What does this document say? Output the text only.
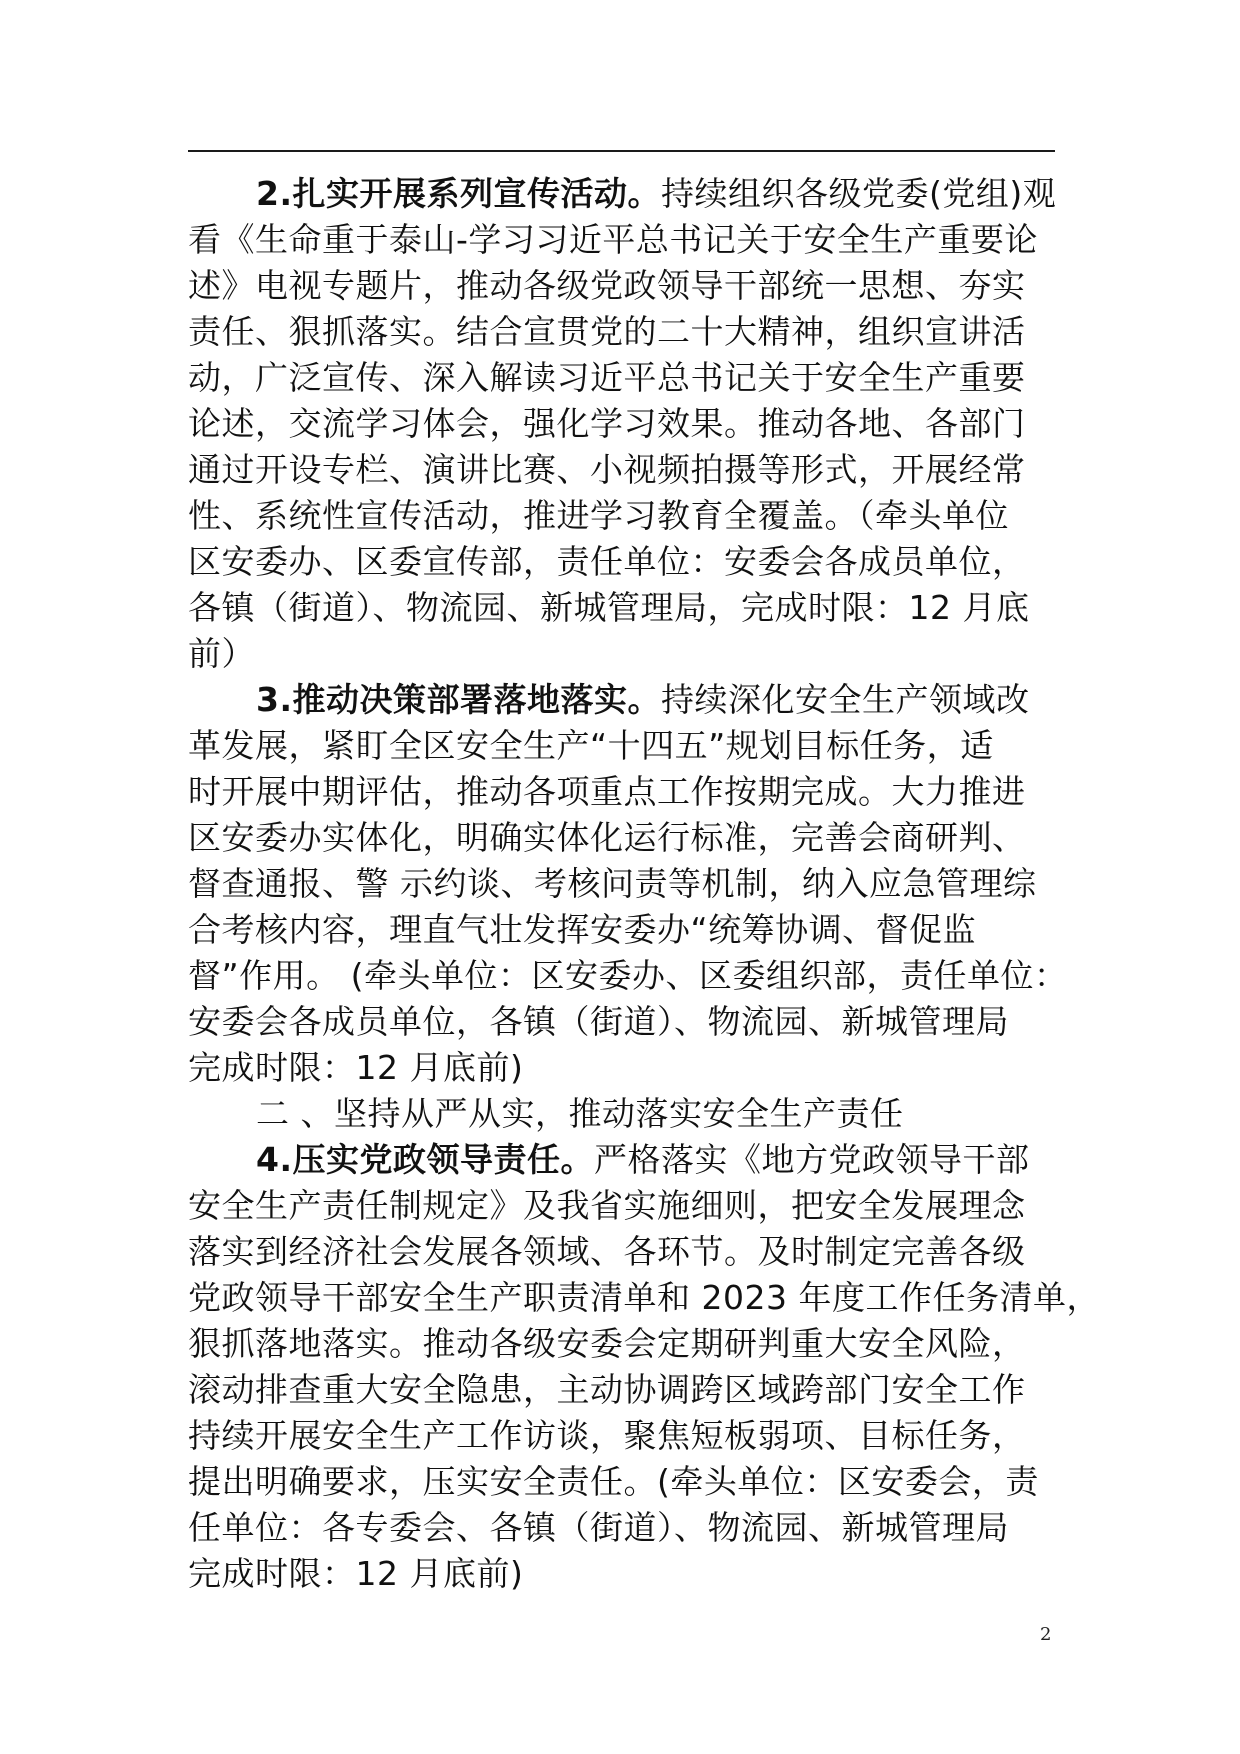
2.扎实开展系列宣传活动。持续组织各级党委(党组)观
看《生命重于泰山-学习习近平总书记关于安全生产重要论
述》电视专题片，推动各级党政领导干部统一思想、夯实
责任、狠抓落实。结合宣贯党的二十大精神，组织宣讲活
动，广泛宣传、深入解读习近平总书记关于安全生产重要
论述，交流学习体会，强化学习效果。推动各地、各部门
通过开设专栏、演讲比赛、小视频拍摄等形式，开展经常
性、系统性宣传活动，推进学习教育全覆盖。（牵头单位
区安委办、区委宣传部，责任单位：安委会各成员单位，
各镇（街道）、物流园、新城管理局，完成时限：12 月底
前）
3.推动决策部署落地落实。持续深化安全生产领域改
革发展，紧盯全区安全生产“十四五”规划目标任务，适
时开展中期评估，推动各项重点工作按期完成。大力推进
区安委办实体化，明确实体化运行标准，完善会商研判、
督查通报、警 示约谈、考核问责等机制，纳入应急管理综
合考核内容，理直气壮发挥安委办“统筹协调、督促监
督”作用。 (牵头单位：区安委办、区委组织部，责任单位：
安委会各成员单位，各镇（街道）、物流园、新城管理局
完成时限：12 月底前)
二 、坚持从严从实，推动落实安全生产责任
4.压实党政领导责任。严格落实《地方党政领导干部
安全生产责任制规定》及我省实施细则，把安全发展理念
落实到经济社会发展各领域、各环节。及时制定完善各级
党政领导干部安全生产职责清单和 2023 年度工作任务清单，
狠抓落地落实。推动各级安委会定期研判重大安全风险，
滚动排查重大安全隐患，主动协调跨区域跨部门安全工作
持续开展安全生产工作访谈，聚焦短板弱项、目标任务，
提出明确要求，压实安全责任。(牵头单位：区安委会，责
任单位：各专委会、各镇（街道）、物流园、新城管理局
完成时限：12 月底前)
2
